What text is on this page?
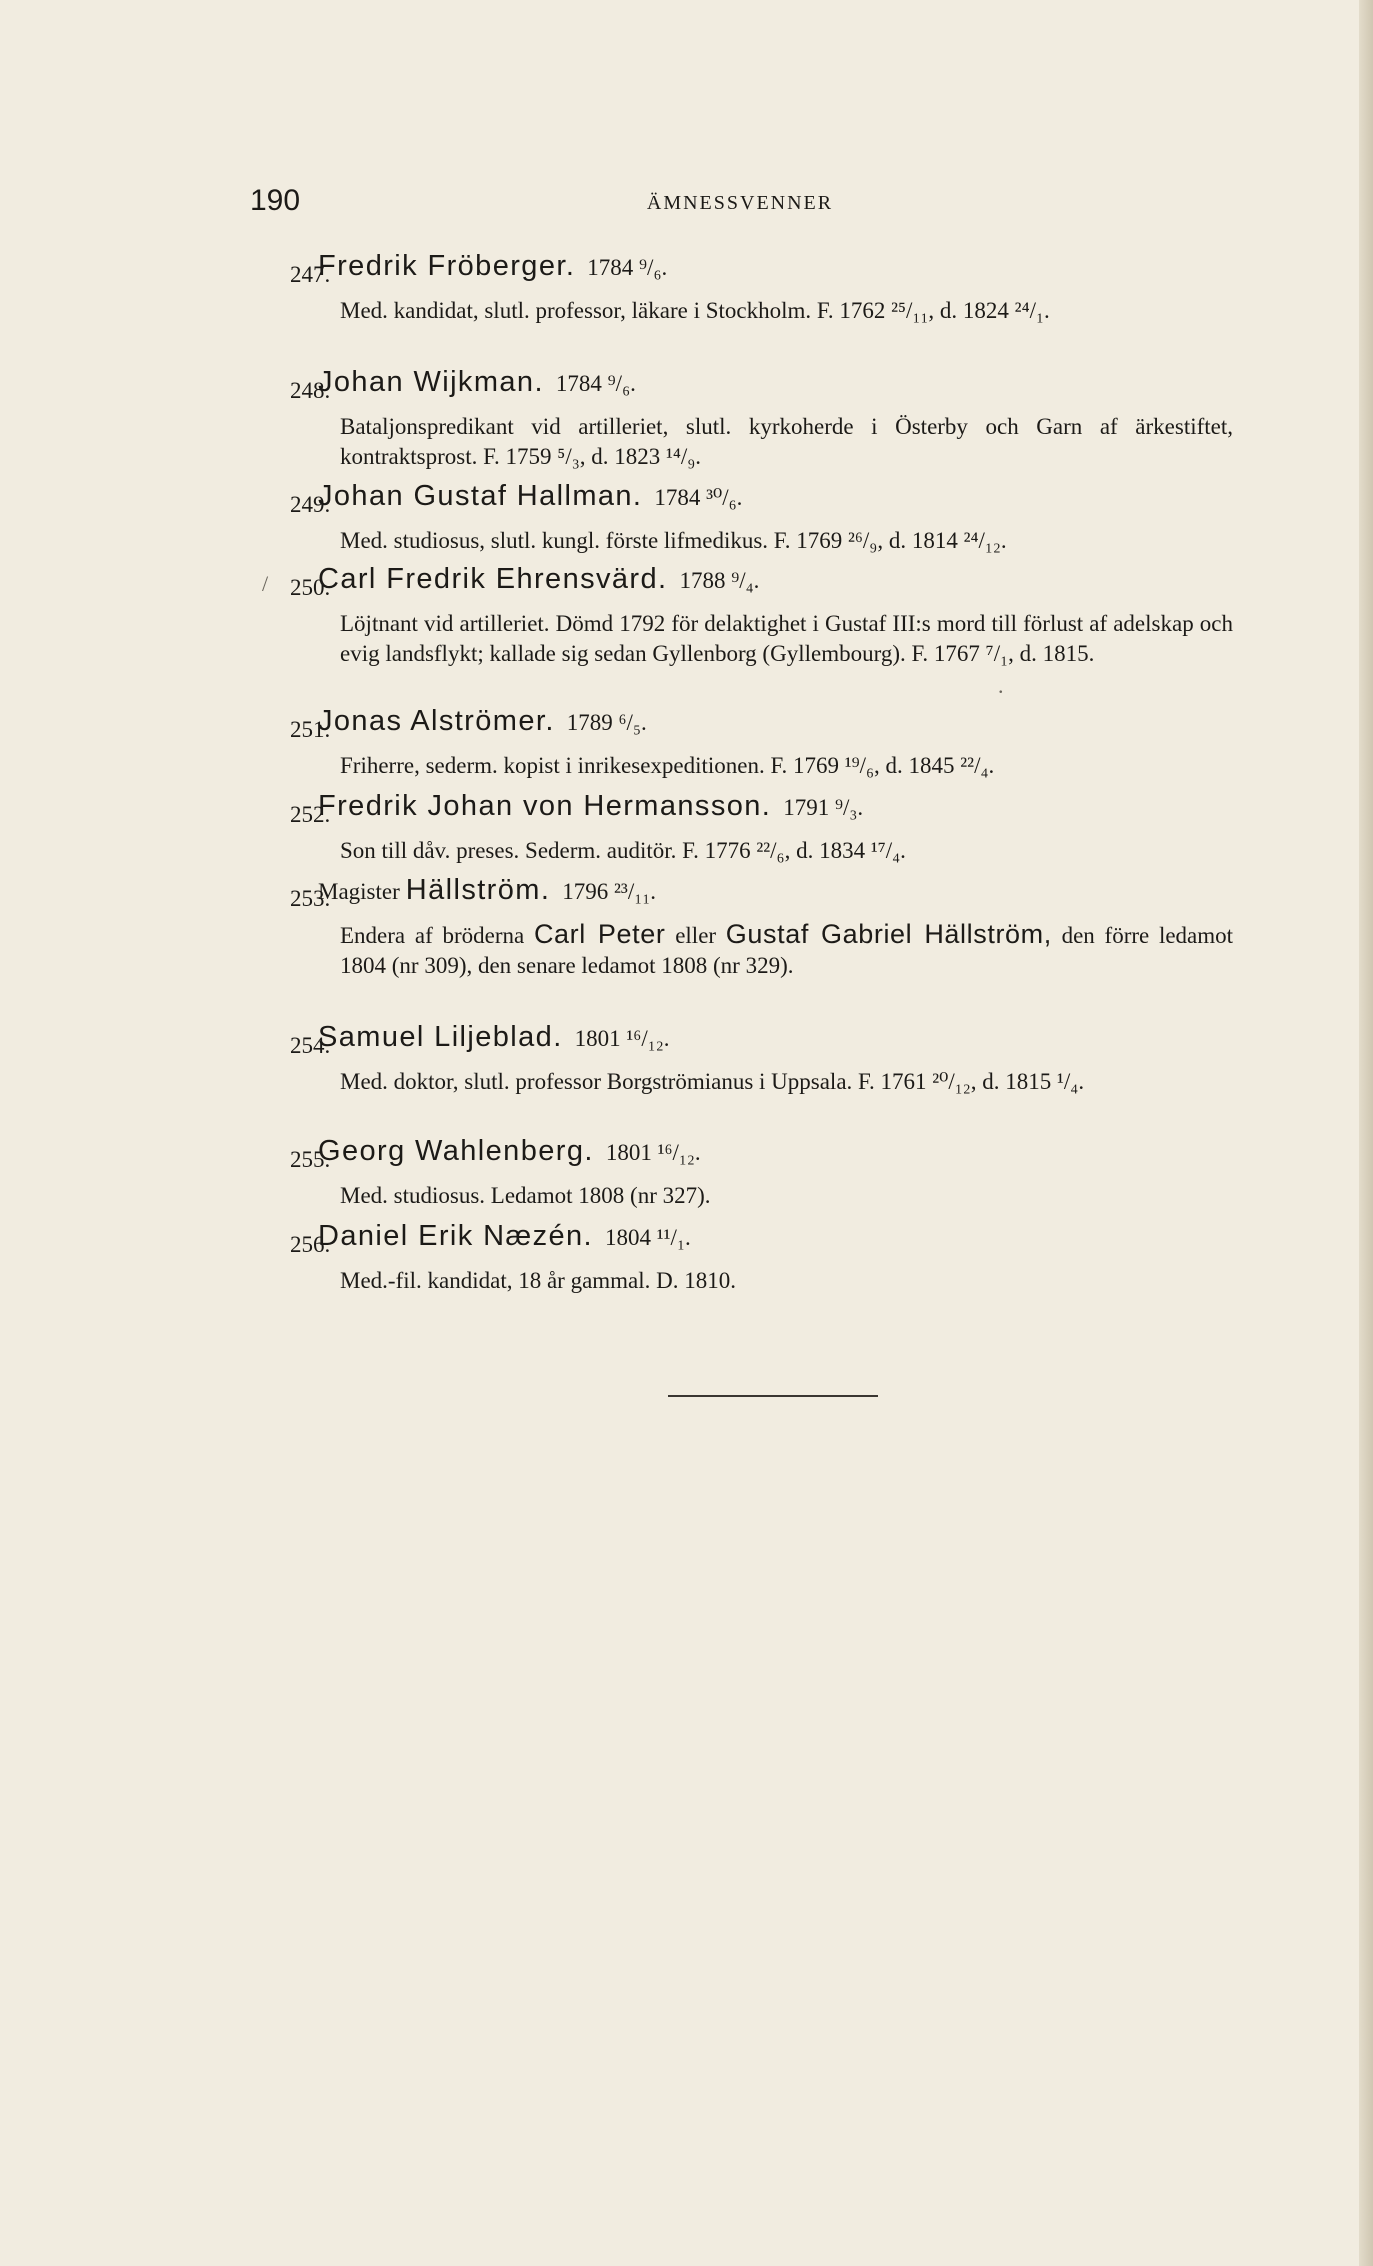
190	ÄMNESSVENNER
247.
Fredrik Fröberger. 1784 ⁹/₆.
Med. kandidat, slutl. professor, läkare i Stockholm. F. 1762 ²⁵/₁₁, d. 1824 ²⁴/₁.
248.
Johan Wijkman. 1784 ⁹/₆.
Bataljonspredikant vid artilleriet, slutl. kyrkoherde i Österby och Garn af ärkestiftet, kontraktsprost. F. 1759 ⁵/₃, d. 1823 ¹⁴/₉.
249.
Johan Gustaf Hallman. 1784 ³⁰/₆.
Med. studiosus, slutl. kungl. förste lifmedikus. F. 1769 ²⁶/₉, d. 1814 ²⁴/₁₂.
250.
Carl Fredrik Ehrensvärd. 1788 ⁹/₄.
Löjtnant vid artilleriet. Dömd 1792 för delaktighet i Gustaf III:s mord till förlust af adelskap och evig landsflykt; kallade sig sedan Gyllenborg (Gyllembourg). F. 1767 ⁷/₁, d. 1815.
251.
Jonas Alströmer. 1789 ⁶/₅.
Friherre, sederm. kopist i inrikesexpeditionen. F. 1769 ¹⁹/₆, d. 1845 ²²/₄.
252.
Fredrik Johan von Hermansson. 1791 ⁹/₃.
Son till dåv. preses. Sederm. auditör. F. 1776 ²²/₆, d. 1834 ¹⁷/₄.
253.
Magister Hällström. 1796 ²³/₁₁.
Endera af bröderna Carl Peter eller Gustaf Gabriel Hällström, den förre ledamot 1804 (nr 309), den senare ledamot 1808 (nr 329).
254.
Samuel Liljeblad. 1801 ¹⁶/₁₂.
Med. doktor, slutl. professor Borgströmianus i Uppsala. F. 1761 ²⁰/₁₂, d. 1815 ¹/₄.
255.
Georg Wahlenberg. 1801 ¹⁶/₁₂.
Med. studiosus. Ledamot 1808 (nr 327).
256.
Daniel Erik Næzén. 1804 ¹¹/₁.
Med.-fil. kandidat, 18 år gammal. D. 1810.
/
.
